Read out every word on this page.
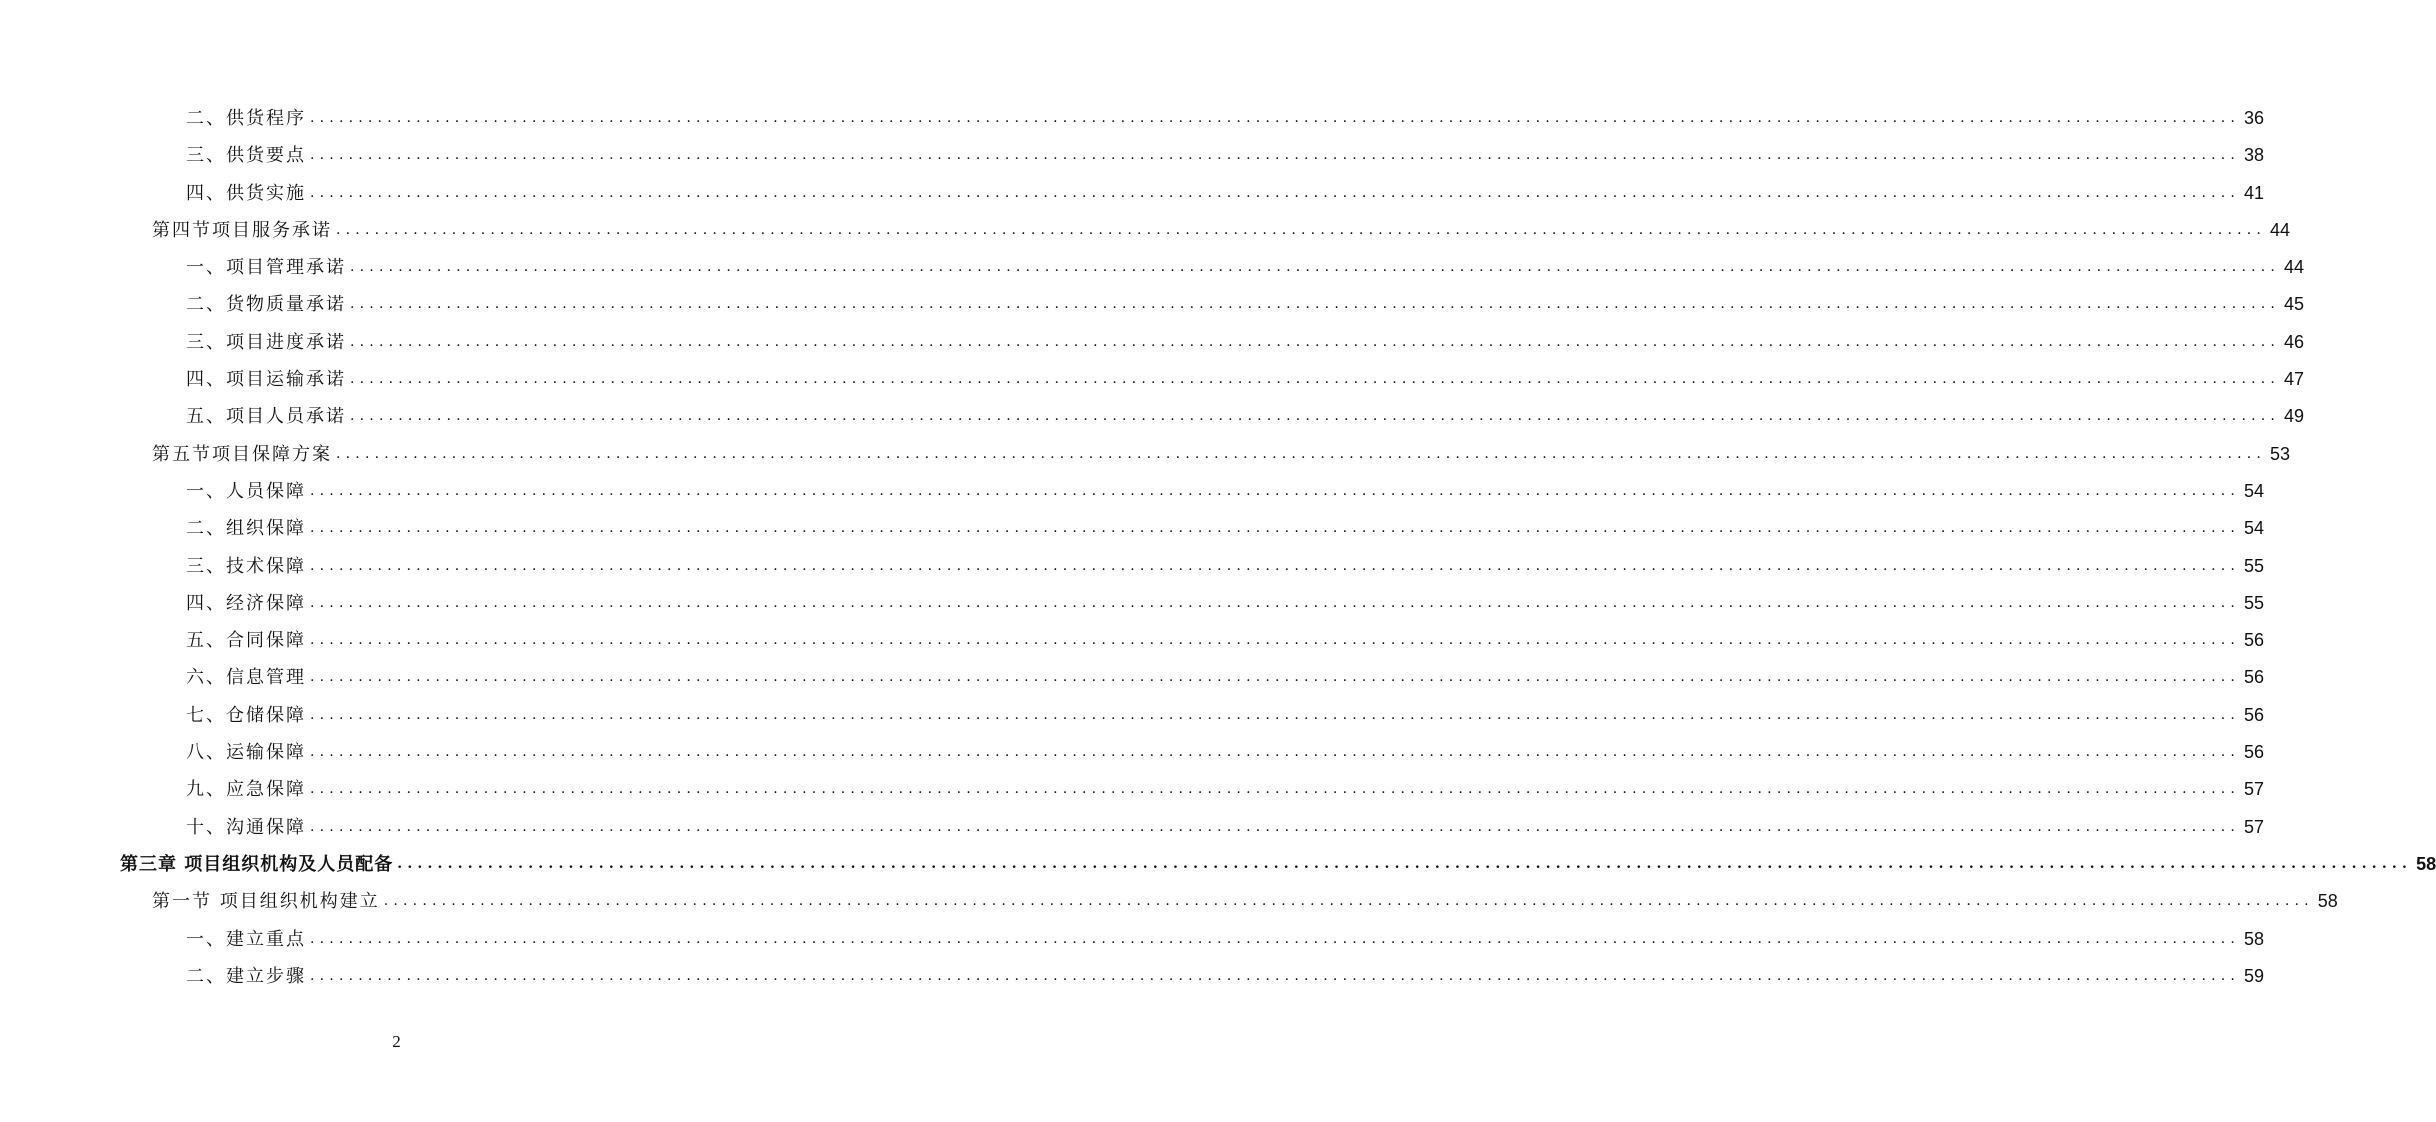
二、供货程序 ........................................................................................................................................................................................................ 36
三、供货要点 ........................................................................................................................................................................................................ 38
四、供货实施 ........................................................................................................................................................................................................ 41
第四节项目服务承诺 ........................................................................................................................................................................................................ 44
一、项目管理承诺 ........................................................................................................................................................................................................ 44
二、货物质量承诺 ........................................................................................................................................................................................................ 45
三、项目进度承诺 ........................................................................................................................................................................................................ 46
四、项目运输承诺 ........................................................................................................................................................................................................ 47
五、项目人员承诺 ........................................................................................................................................................................................................ 49
第五节项目保障方案 ........................................................................................................................................................................................................ 53
一、人员保障 ........................................................................................................................................................................................................ 54
二、组织保障 ........................................................................................................................................................................................................ 54
三、技术保障 ........................................................................................................................................................................................................ 55
四、经济保障 ........................................................................................................................................................................................................ 55
五、合同保障 ........................................................................................................................................................................................................ 56
六、信息管理 ........................................................................................................................................................................................................ 56
七、仓储保障 ........................................................................................................................................................................................................ 56
八、运输保障 ........................................................................................................................................................................................................ 56
九、应急保障 ........................................................................................................................................................................................................ 57
十、沟通保障 ........................................................................................................................................................................................................ 57
第三章 项目组织机构及人员配备 ........................................................................................................................................................................................................ 58
第一节 项目组织机构建立 ........................................................................................................................................................................................................ 58
一、建立重点 ........................................................................................................................................................................................................ 58
二、建立步骤 ........................................................................................................................................................................................................ 59
2
